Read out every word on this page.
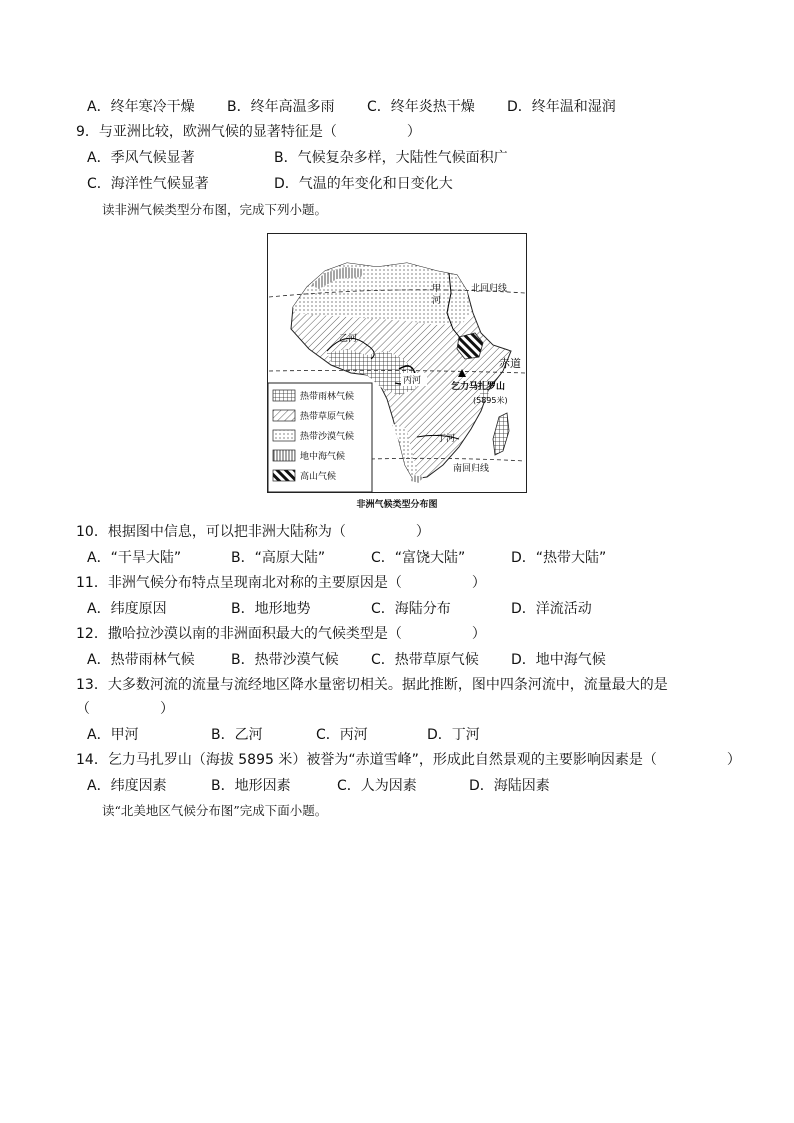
A．终年寒冷干燥 B．终年高温多雨 C．终年炎热干燥 D．终年温和湿润
9．与亚洲比较，欧洲气候的显著特征是（　　　　　）
A．季风气候显著	B．气候复杂多样，大陆性气候面积广
C．海洋性气候显著	D．气温的年变化和日变化大
读非洲气候类型分布图，完成下列小题。
甲
河
北回归线
赤道
乙河
丙河
乞力马扎罗山
(5895米)
丁河
南回归线
热带雨林气候
热带草原气候
热带沙漠气候
地中海气候
高山气候
非洲气候类型分布图
10．根据图中信息，可以把非洲大陆称为（　　　　　）
A．“干旱大陆”	B．“高原大陆”	C．“富饶大陆”	D．“热带大陆”
11．非洲气候分布特点呈现南北对称的主要原因是（　　　　　）
A．纬度原因	B．地形地势	C．海陆分布	D．洋流活动
12．撒哈拉沙漠以南的非洲面积最大的气候类型是（　　　　　）
A．热带雨林气候	B．热带沙漠气候 C．热带草原气候 D．地中海气候
13．大多数河流的流量与流经地区降水量密切相关。据此推断，图中四条河流中，流量最大的是
（　　　　　）
A．甲河	B．乙河	C．丙河	D．丁河
14．乞力马扎罗山（海拔 5895 米）被誉为“赤道雪峰”，形成此自然景观的主要影响因素是（　　　　　）
A．纬度因素	B．地形因素	C．人为因素	D．海陆因素
读“北美地区气候分布图”完成下面小题。
